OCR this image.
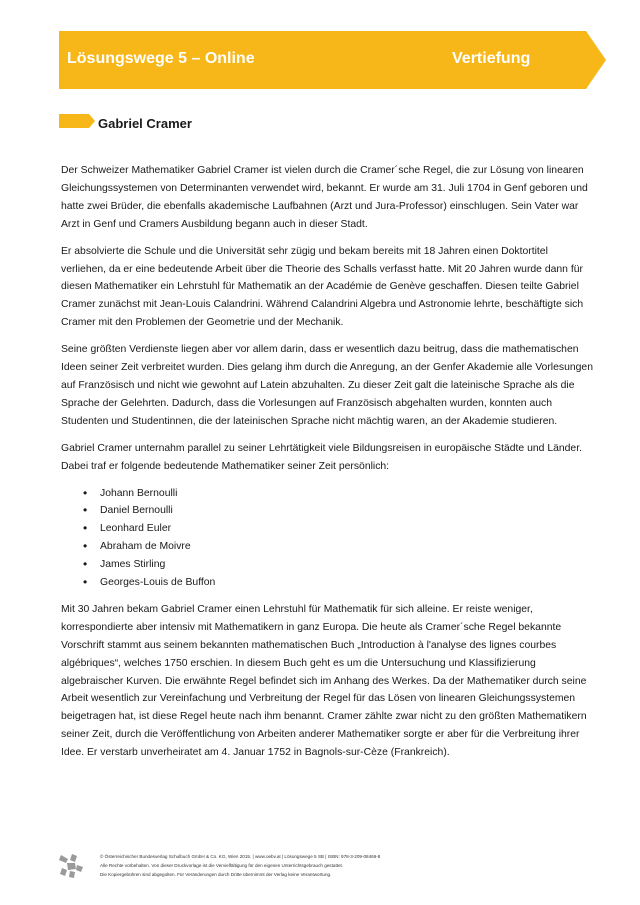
Lösungswege 5 – Online	Vertiefung
Gabriel Cramer

Der Schweizer Mathematiker Gabriel Cramer ist vielen durch die Cramer´sche Regel, die zur Lösung von linearen Gleichungssystemen von Determinanten verwendet wird, bekannt. Er wurde am 31. Juli 1704 in Genf geboren und hatte zwei Brüder, die ebenfalls akademische Laufbahnen (Arzt und Jura-Professor) einschlugen. Sein Vater war Arzt in Genf und Cramers Ausbildung begann auch in dieser Stadt.

Er absolvierte die Schule und die Universität sehr zügig und bekam bereits mit 18 Jahren einen Doktortitel verliehen, da er eine bedeutende Arbeit über die Theorie des Schalls verfasst hatte. Mit 20 Jahren wurde dann für diesen Mathematiker ein Lehrstuhl für Mathematik an der Académie de Genève geschaffen. Diesen teilte Gabriel Cramer zunächst mit Jean-Louis Calandrini. Während Calandrini Algebra und Astronomie lehrte, beschäftigte sich Cramer mit den Problemen der Geometrie und der Mechanik.

Seine größten Verdienste liegen aber vor allem darin, dass er wesentlich dazu beitrug, dass die mathematischen Ideen seiner Zeit verbreitet wurden. Dies gelang ihm durch die Anregung, an der Genfer Akademie alle Vorlesungen auf Französisch und nicht wie gewohnt auf Latein abzuhalten. Zu dieser Zeit galt die lateinische Sprache als die Sprache der Gelehrten. Dadurch, dass die Vorlesungen auf Französisch abgehalten wurden, konnten auch Studenten und Studentinnen, die der lateinischen Sprache nicht mächtig waren, an der Akademie studieren.

Gabriel Cramer unternahm parallel zu seiner Lehrtätigkeit viele Bildungsreisen in europäische Städte und Länder. Dabei traf er folgende bedeutende Mathematiker seiner Zeit persönlich:

• Johann Bernoulli
• Daniel Bernoulli
• Leonhard Euler
• Abraham de Moivre
• James Stirling
• Georges-Louis de Buffon

Mit 30 Jahren bekam Gabriel Cramer einen Lehrstuhl für Mathematik für sich alleine. Er reiste weniger, korrespondierte aber intensiv mit Mathematikern in ganz Europa. Die heute als Cramer´sche Regel bekannte Vorschrift stammt aus seinem bekannten mathematischen Buch „Introduction à l'analyse des lignes courbes algébriques“, welches 1750 erschien. In diesem Buch geht es um die Untersuchung und Klassifizierung algebraischer Kurven. Die erwähnte Regel befindet sich im Anhang des Werkes. Da der Mathematiker durch seine Arbeit wesentlich zur Vereinfachung und Verbreitung der Regel für das Lösen von linearen Gleichungssystemen beigetragen hat, ist diese Regel heute nach ihm benannt. Cramer zählte zwar nicht zu den größten Mathematikern seiner Zeit, durch die Veröffentlichung von Arbeiten anderer Mathematiker sorgte er aber für die Verbreitung ihrer Idee. Er verstarb unverheiratet am 4. Januar 1752 in Bagnols-sur-Cèze (Frankreich).

© Österreichischer Bundesverlag Schulbuch GmbH & Co. KG, Wien 2015. | www.oebv.at | Lösungswege 5 SB | ISBN: 978-3-209-08466-8
Alle Rechte vorbehalten. Von dieser Druckvorlage ist die Vervielfältigung für den eigenen Unterrichtsgebrauch gestattet.
Die Kopiergebühren sind abgegolten. Für Veränderungen durch Dritte übernimmt der Verlag keine Verantwortung.
